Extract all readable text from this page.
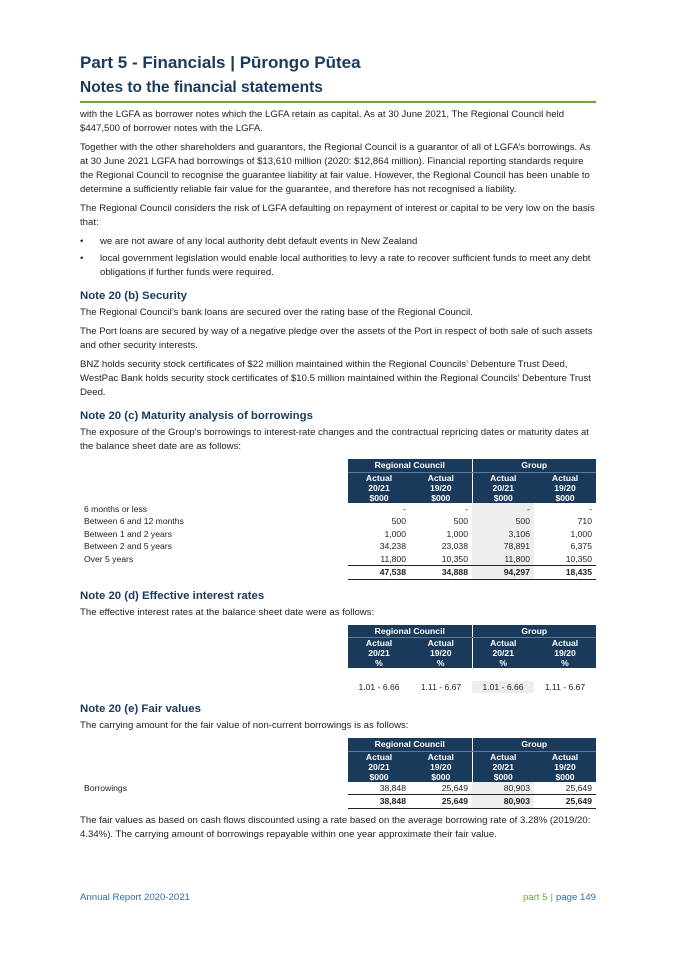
Part 5 - Financials | Pūrongo Pūtea
Notes to the financial statements

with the LGFA as borrower notes which the LGFA retain as capital. As at 30 June 2021, The Regional Council held $447,500 of borrower notes with the LGFA.

Together with the other shareholders and guarantors, the Regional Council is a guarantor of all of LGFA’s borrowings. As at 30 June 2021 LGFA had borrowings of $13,610 million (2020: $12,864 million). Financial reporting standards require the Regional Council to recognise the guarantee liability at fair value. However, the Regional Council has been unable to determine a sufficiently reliable fair value for the guarantee, and therefore has not recognised a liability.

The Regional Council considers the risk of LGFA defaulting on repayment of interest or capital to be very low on the basis that:

• we are not aware of any local authority debt default events in New Zealand
• local government legislation would enable local authorities to levy a rate to recover sufficient funds to meet any debt obligations if further funds were required.
Note 20 (b) Security

The Regional Council’s bank loans are secured over the rating base of the Regional Council.

The Port loans are secured by way of a negative pledge over the assets of the Port in respect of both sale of such assets and other security interests.

BNZ holds security stock certificates of $22 million maintained within the Regional Councils’ Debenture Trust Deed, WestPac Bank holds security stock certificates of $10.5 million maintained within the Regional Councils’ Debenture Trust Deed.

Note 20 (c) Maturity analysis of borrowings

The exposure of the Group's borrowings to interest-rate changes and the contractual repricing dates or maturity dates at the balance sheet date are as follows:

	Regional Council		Group	
	Actual
20/21
$000	Actual
19/20
$000	Actual
20/21
$000	Actual
19/20
$000
6 months or less	-	-	-	-
Between 6 and 12 months	500	500	500	710
Between 1 and 2 years	1,000	1,000	3,106	1,000
Between 2 and 5 years	34,238	23,038	78,891	6,375
Over 5 years	11,800	10,350	11,800	10,350
	47,538	34,888	94,297	18,435
Note 20 (d) Effective interest rates

The effective interest rates at the balance sheet date were as follows:

	Regional Council		Group	
	Actual
20/21
%	Actual
19/20
%	Actual
20/21
%	Actual
19/20
%

	1.01 - 6.66	1.11 - 6.67	1.01 - 6.66	1.11 - 6.67
Note 20 (e) Fair values

The carrying amount for the fair value of non-current borrowings is as follows:

	Regional Council		Group	
	Actual
20/21
$000	Actual
19/20
$000	Actual
20/21
$000	Actual
19/20
$000
Borrowings	38,848	25,649	80,903	25,649
	38,848	25,649	80,903	25,649

The fair values as based on cash flows discounted using a rate based on the average borrowing rate of 3.28% (2019/20: 4.34%). The carrying amount of borrowings repayable within one year approximate their fair value.

Annual Report 2020-2021	part 5 | page 149
